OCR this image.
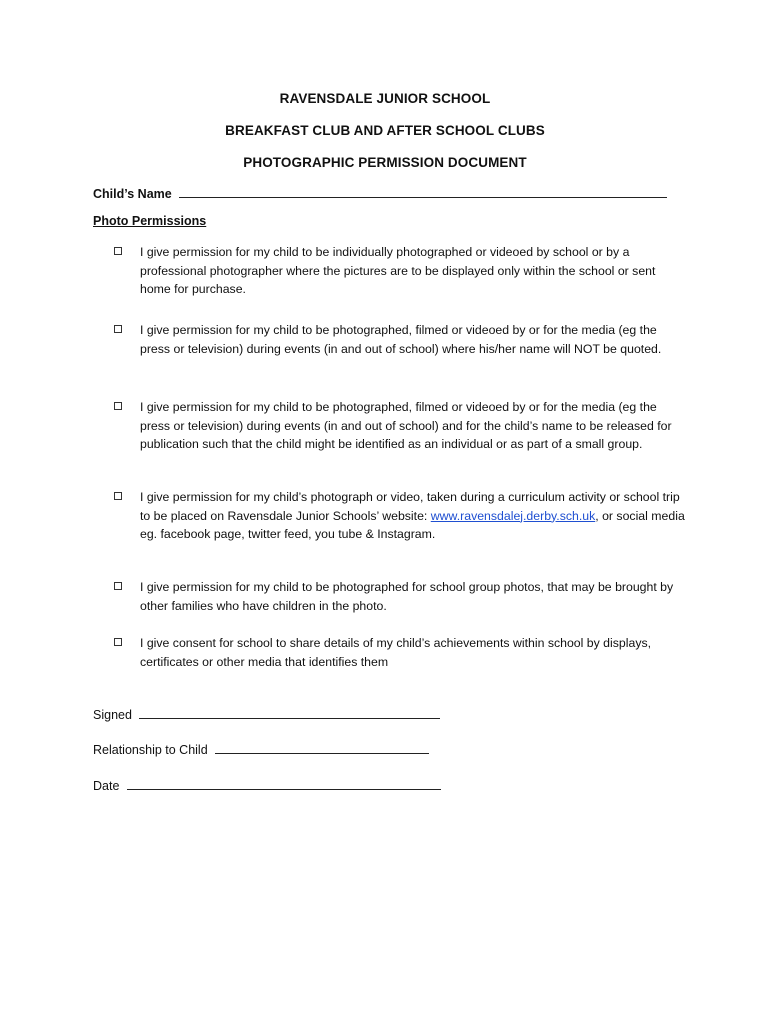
RAVENSDALE JUNIOR SCHOOL
BREAKFAST CLUB AND AFTER SCHOOL CLUBS
PHOTOGRAPHIC PERMISSION DOCUMENT
Child’s Name
Photo Permissions
I give permission for my child to be individually photographed or videoed by school or by a professional photographer where the pictures are to be displayed only within the school or sent home for purchase.
I give permission for my child to be photographed, filmed or videoed by or for the media (eg the press or television) during events (in and out of school) where his/her name will NOT be quoted.
I give permission for my child to be photographed, filmed or videoed by or for the media (eg the press or television) during events (in and out of school) and for the child’s name to be released for publication such that the child might be identified as an individual or as part of a small group.
I give permission for my child’s photograph or video, taken during a curriculum activity or school trip to be placed on Ravensdale Junior Schools’ website: www.ravensdalej.derby.sch.uk, or social media eg. facebook page, twitter feed, you tube & Instagram.
I give permission for my child to be photographed for school group photos, that may be brought by other families who have children in the photo.
I give consent for school to share details of my child’s achievements within school by displays, certificates or other media that identifies them
Signed
Relationship to Child
Date
